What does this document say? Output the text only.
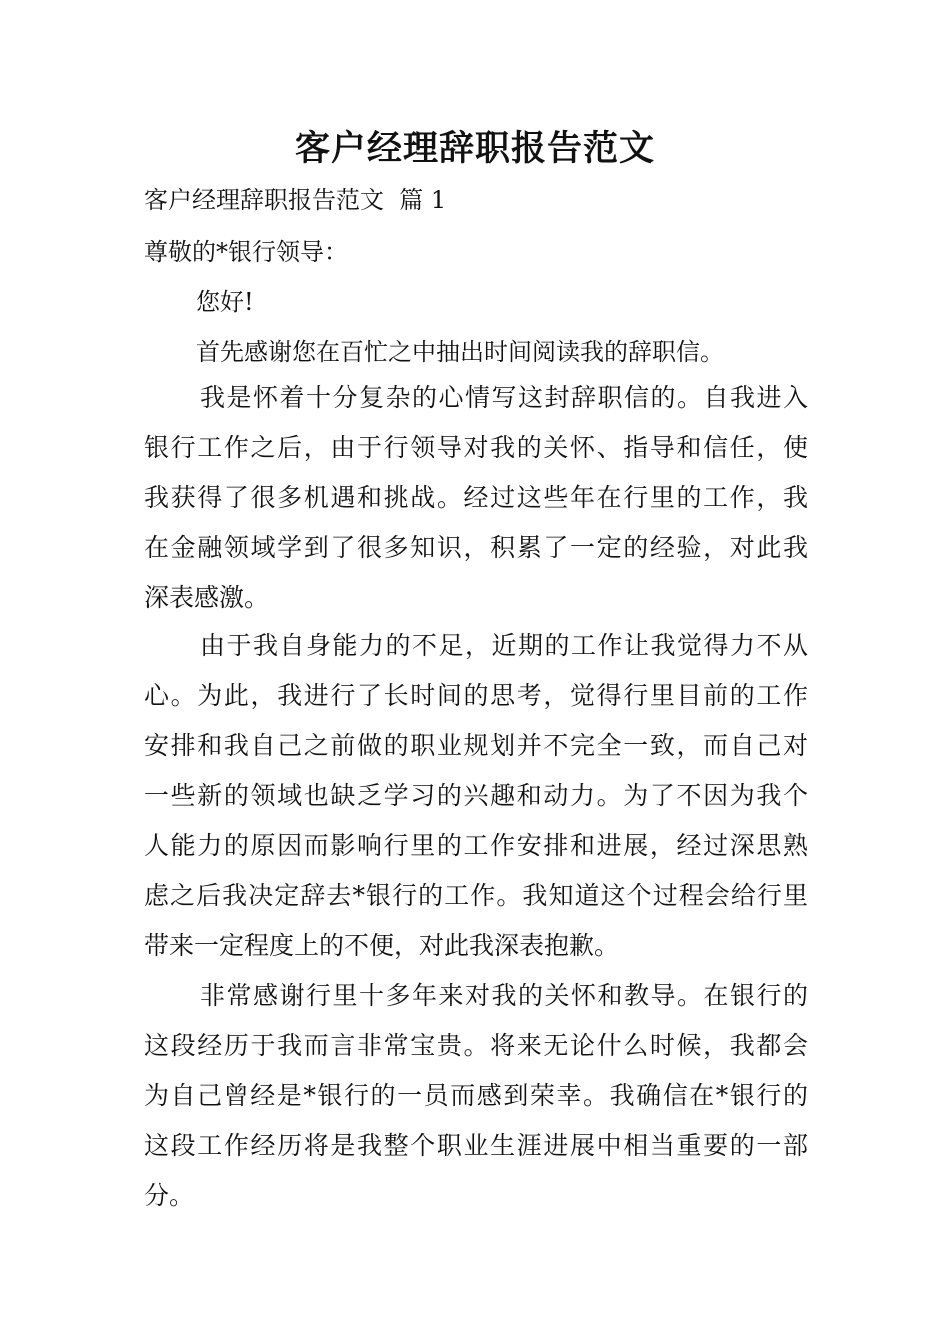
客户经理辞职报告范文
客户经理辞职报告范文  篇 1
尊敬的*银行领导：
您好!
首先感谢您在百忙之中抽出时间阅读我的辞职信。
我是怀着十分复杂的心情写这封辞职信的。自我进入
银行工作之后，由于行领导对我的关怀、指导和信任，使
我获得了很多机遇和挑战。经过这些年在行里的工作，我
在金融领域学到了很多知识，积累了一定的经验，对此我
深表感激。
由于我自身能力的不足，近期的工作让我觉得力不从
心。为此，我进行了长时间的思考，觉得行里目前的工作
安排和我自己之前做的职业规划并不完全一致，而自己对
一些新的领域也缺乏学习的兴趣和动力。为了不因为我个
人能力的原因而影响行里的工作安排和进展，经过深思熟
虑之后我决定辞去*银行的工作。我知道这个过程会给行里
带来一定程度上的不便，对此我深表抱歉。
非常感谢行里十多年来对我的关怀和教导。在银行的
这段经历于我而言非常宝贵。将来无论什么时候，我都会
为自己曾经是*银行的一员而感到荣幸。我确信在*银行的
这段工作经历将是我整个职业生涯进展中相当重要的一部
分。
